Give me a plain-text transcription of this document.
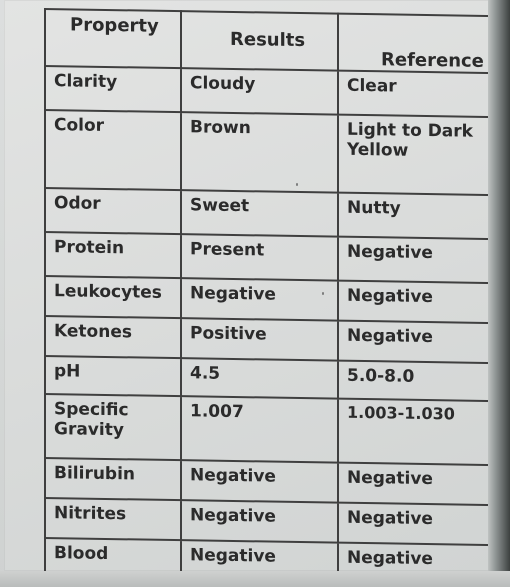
Property	Results	Reference
Clarity	Cloudy	Clear
Color	Brown	Light to Dark
Yellow
Odor	Sweet	Nutty
Protein	Present	Negative
Leukocytes	Negative	Negative
Ketones	Positive	Negative
pH	4.5	5.0-8.0
Specific
Gravity	1.007	1.003-1.030
Bilirubin	Negative	Negative
Nitrites	Negative	Negative
Blood	Negative	Negative
